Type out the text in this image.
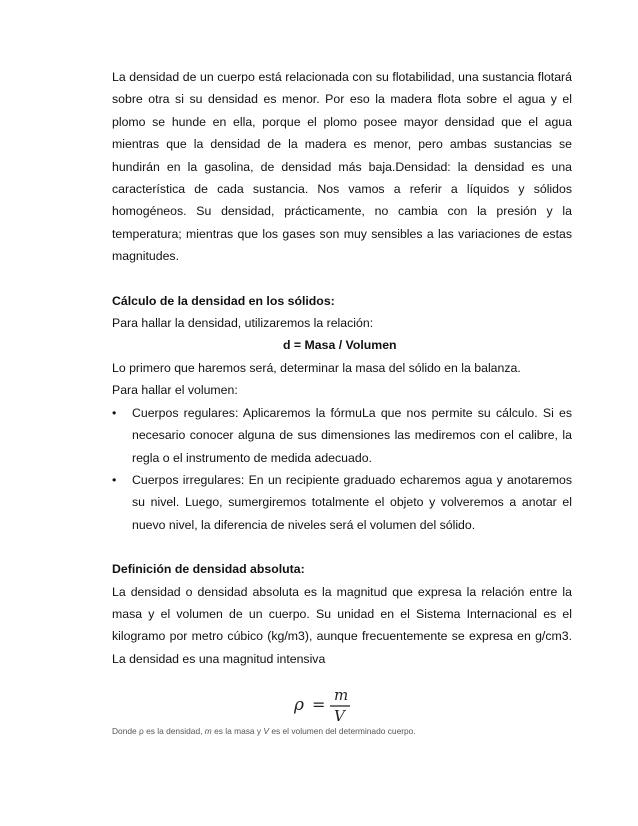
La densidad de un cuerpo está relacionada con su flotabilidad, una sustancia flotará sobre otra si su densidad es menor. Por eso la madera flota sobre el agua y el plomo se hunde en ella, porque el plomo posee mayor densidad que el agua mientras que la densidad de la madera es menor, pero ambas sustancias se hundirán en la gasolina, de densidad más baja.Densidad: la densidad es una característica de cada sustancia. Nos vamos a referir a líquidos y sólidos homogéneos. Su densidad, prácticamente, no cambia con la presión y la temperatura; mientras que los gases son muy sensibles a las variaciones de estas magnitudes.

Cálculo de la densidad en los sólidos:

Para hallar la densidad, utilizaremos la relación:

d = Masa / Volumen

Lo primero que haremos será, determinar la masa del sólido en la balanza.

Para hallar el volumen:

•	Cuerpos regulares: Aplicaremos la fórmuLa que nos permite su cálculo. Si es necesario conocer alguna de sus dimensiones las mediremos con el calibre, la regla o el instrumento de medida adecuado.

•	Cuerpos irregulares: En un recipiente graduado echaremos agua y anotaremos su nivel. Luego, sumergiremos totalmente el objeto y volveremos a anotar el nuevo nivel, la diferencia de niveles será el volumen del sólido.

Definición de densidad absoluta:

La densidad o densidad absoluta es la magnitud que expresa la relación entre la masa y el volumen de un cuerpo. Su unidad en el Sistema Internacional es el kilogramo por metro cúbico (kg/m3), aunque frecuentemente se expresa en g/cm3. La densidad es una magnitud intensiva

ρ = m
V
Donde ρ es la densidad, m es la masa y V es el volumen del determinado cuerpo.
